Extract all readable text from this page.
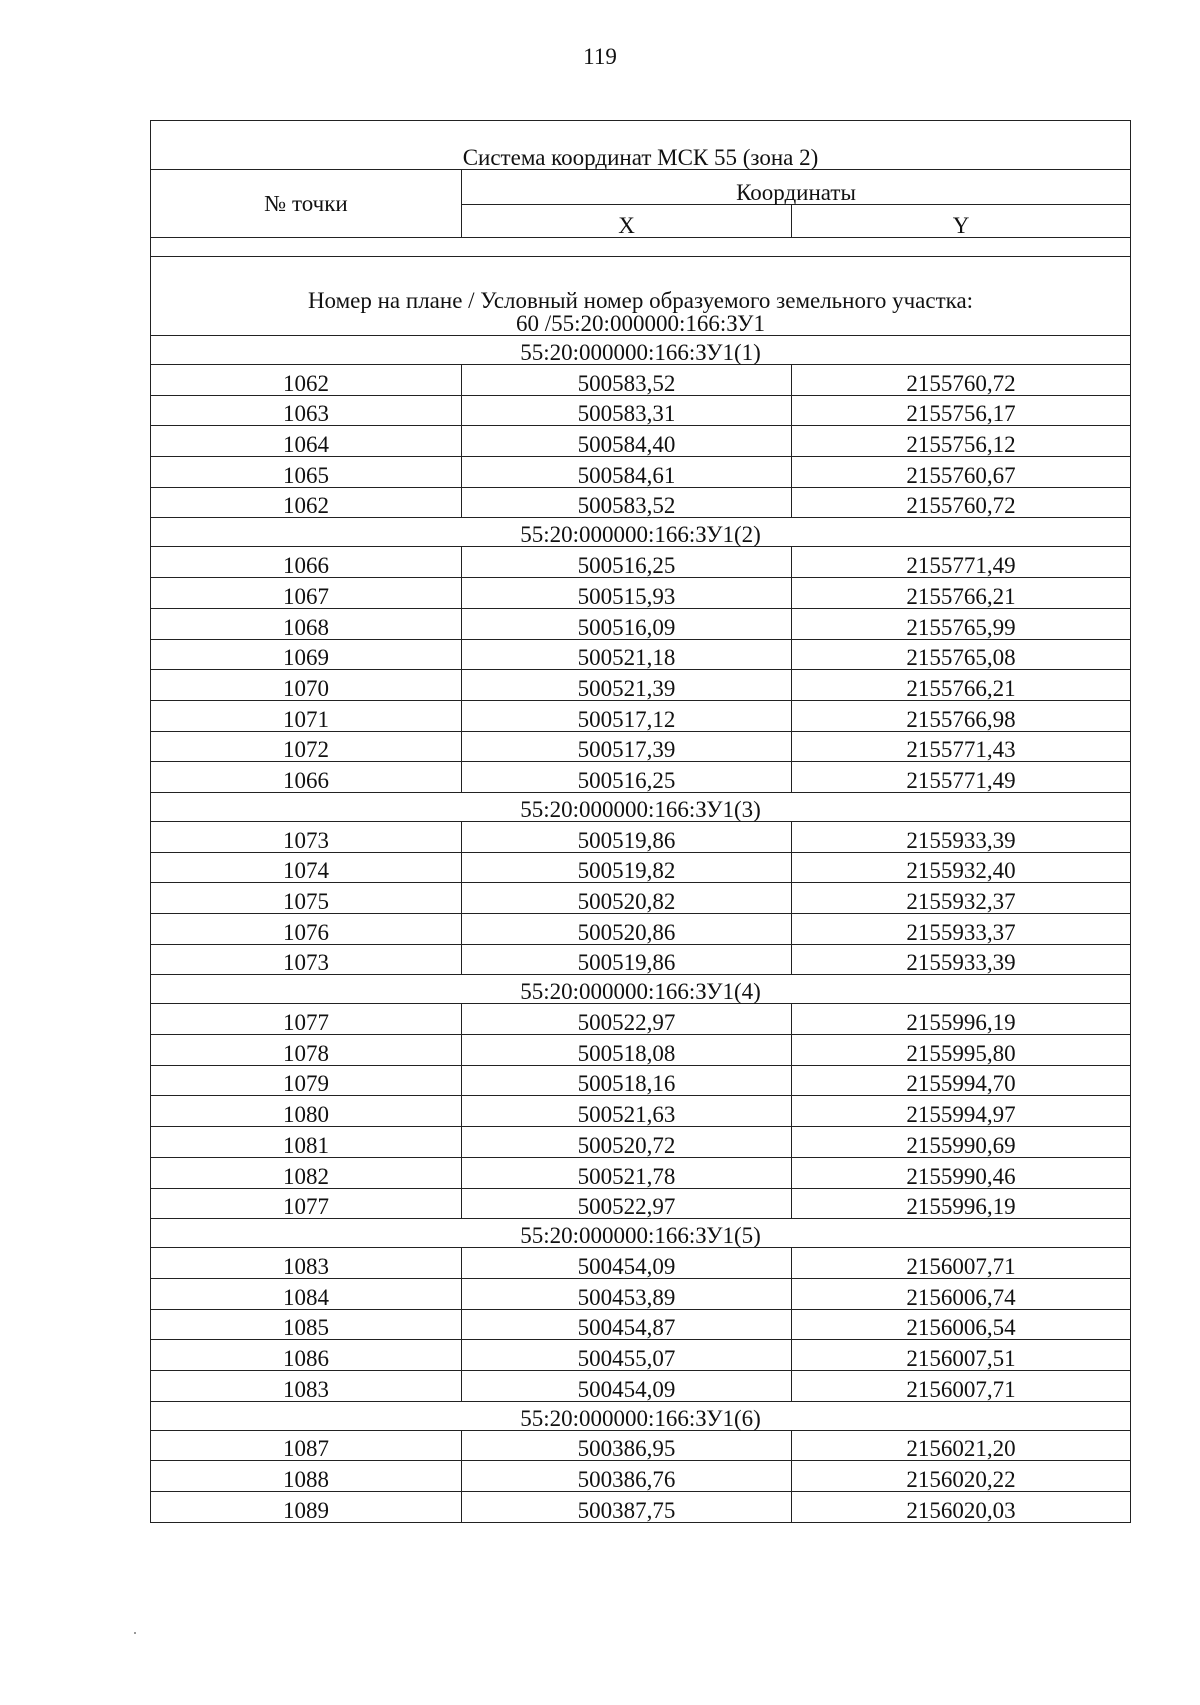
119
Система координат МСК 55 (зона 2)		
№ точки	Координаты	
	X	Y

Номер на плане / Условный номер образуемого земельного участка:
60 /55:20:000000:166:ЗУ1		

55:20:000000:166:ЗУ1(1)		
1062	500583,52	2155760,72
1063	500583,31	2155756,17
1064	500584,40	2155756,12
1065	500584,61	2155760,67
1062	500583,52	2155760,72
55:20:000000:166:ЗУ1(2)		
1066	500516,25	2155771,49
1067	500515,93	2155766,21
1068	500516,09	2155765,99
1069	500521,18	2155765,08
1070	500521,39	2155766,21
1071	500517,12	2155766,98
1072	500517,39	2155771,43
1066	500516,25	2155771,49
55:20:000000:166:ЗУ1(3)		
1073	500519,86	2155933,39
1074	500519,82	2155932,40
1075	500520,82	2155932,37
1076	500520,86	2155933,37
1073	500519,86	2155933,39
55:20:000000:166:ЗУ1(4)		
1077	500522,97	2155996,19
1078	500518,08	2155995,80
1079	500518,16	2155994,70
1080	500521,63	2155994,97
1081	500520,72	2155990,69
1082	500521,78	2155990,46
1077	500522,97	2155996,19
55:20:000000:166:ЗУ1(5)		
1083	500454,09	2156007,71
1084	500453,89	2156006,74
1085	500454,87	2156006,54
1086	500455,07	2156007,51
1083	500454,09	2156007,71
55:20:000000:166:ЗУ1(6)		
1087	500386,95	2156021,20
1088	500386,76	2156020,22
1089	500387,75	2156020,03
